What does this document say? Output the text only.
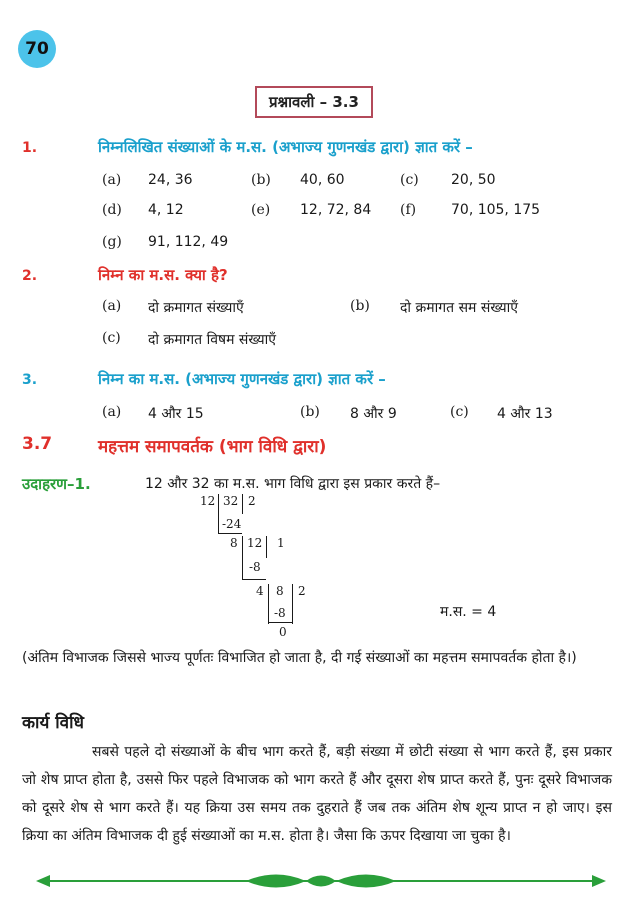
70
प्रश्नावली – 3.3
1.	निम्नलिखित संख्याओं के म.स. (अभाज्य गुणनखंड द्वारा) ज्ञात करें –
(a) 24, 36	(b) 40, 60	(c) 20, 50
(d) 4, 12	(e) 12, 72, 84 (f) 70, 105, 175
(g) 91, 112, 49
2.	निम्न का म.स. क्या है?
(a) दो क्रमागत संख्याएँ	(b) दो क्रमागत सम संख्याएँ
(c) दो क्रमागत विषम संख्याएँ
3.	निम्न का म.स. (अभाज्य गुणनखंड द्वारा) ज्ञात करें –
(a) 4 और 15	(b) 8 और 9	(c) 4 और 13
3.7	महत्तम समापवर्तक (भाग विधि द्वारा)
उदाहरण–1.	12 और 32 का म.स. भाग विधि द्वारा इस प्रकार करते हैं–
12 32 2
-24
8 12 1
-8
4 8 2
-8
0
म.स. = 4
(अंतिम विभाजक जिससे भाज्य पूर्णतः विभाजित हो जाता है, दी गई संख्याओं का महत्तम समापवर्तक होता है।)
कार्य विधि
सबसे पहले दो संख्याओं के बीच भाग करते हैं, बड़ी संख्या में छोटी संख्या से भाग करते हैं, इस प्रकार जो शेष प्राप्त होता है, उससे फिर पहले विभाजक को भाग करते हैं और दूसरा शेष प्राप्त करते हैं, पुनः दूसरे विभाजक को दूसरे शेष से भाग करते हैं। यह क्रिया उस समय तक दुहराते हैं जब तक अंतिम शेष शून्य प्राप्त न हो जाए। इस क्रिया का अंतिम विभाजक दी हुई संख्याओं का म.स. होता है। जैसा कि ऊपर दिखाया जा चुका है।
